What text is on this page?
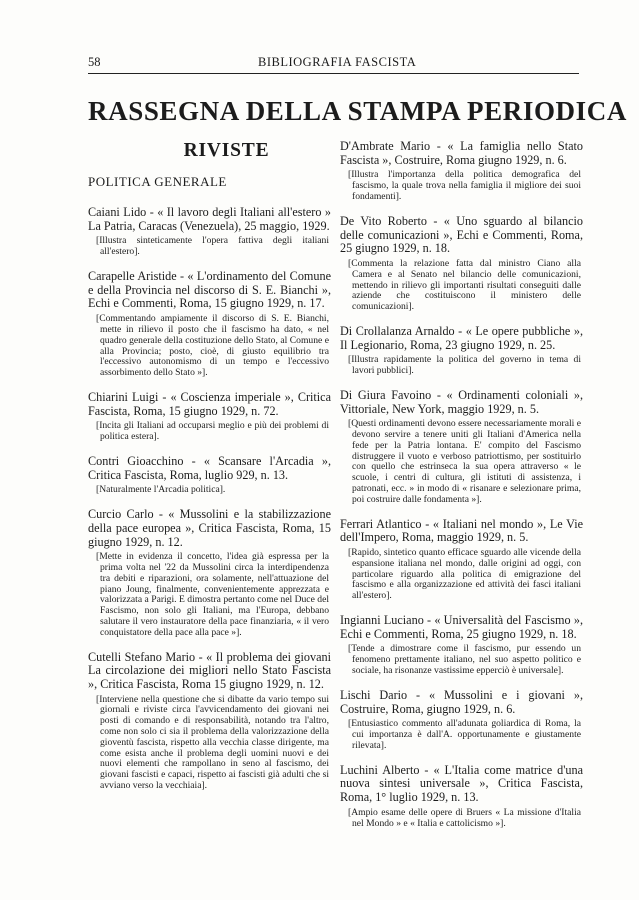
58	BIBLIOGRAFIA FASCISTA
RASSEGNA DELLA STAMPA PERIODICA
RIVISTE
POLITICA GENERALE
Caiani Lido - « Il lavoro degli Italiani all'estero » La Patria, Caracas (Venezuela), 25 maggio, 1929.
[Illustra sinteticamente l'opera fattiva degli italiani all'estero].
Carapelle Aristide - « L'ordinamento del Comune e della Provincia nel discorso di S. E. Bianchi », Echi e Commenti, Roma, 15 giugno 1929, n. 17.
[Commentando ampiamente il discorso di S. E. Bianchi, mette in rilievo il posto che il fascismo ha dato, « nel quadro generale della costituzione dello Stato, al Comune e alla Provincia; posto, cioè, di giusto equilibrio tra l'eccessivo autonomismo di un tempo e l'eccessivo assorbimento dello Stato »].
Chiarini Luigi - « Coscienza imperiale », Critica Fascista, Roma, 15 giugno 1929, n. 72.
[Incita gli Italiani ad occuparsi meglio e più dei problemi di politica estera].
Contri Gioacchino - « Scansare l'Arcadia », Critica Fascista, Roma, luglio 929, n. 13.
[Naturalmente l'Arcadia politica].
Curcio Carlo - « Mussolini e la stabilizzazione della pace europea », Critica Fascista, Roma, 15 giugno 1929, n. 12.
[Mette in evidenza il concetto, l'idea già espressa per la prima volta nel '22 da Mussolini circa la interdipendenza tra debiti e riparazioni, ora solamente, nell'attuazione del piano Joung, finalmente, convenientemente apprezzata e valorizzata a Parigi. E dimostra pertanto come nel Duce del Fascismo, non solo gli Italiani, ma l'Europa, debbano salutare il vero instauratore della pace finanziaria, « il vero conquistatore della pace alla pace »].
Cutelli Stefano Mario - « Il problema dei giovani La circolazione dei migliori nello Stato Fascista », Critica Fascista, Roma 15 giugno 1929, n. 12.
[Interviene nella questione che si dibatte da vario tempo sui giornali e riviste circa l'avvicendamento dei giovani nei posti di comando e di responsabilità, notando tra l'altro, come non solo ci sia il problema della valorizzazione della gioventù fascista, rispetto alla vecchia classe dirigente, ma come esista anche il problema degli uomini nuovi e dei nuovi elementi che rampollano in seno al fascismo, dei giovani fascisti e capaci, rispetto ai fascisti già adulti che si avviano verso la vecchiaia].
D'Ambrate Mario - « La famiglia nello Stato Fascista », Costruire, Roma giugno 1929, n. 6.
[Illustra l'importanza della politica demografica del fascismo, la quale trova nella famiglia il migliore dei suoi fondamenti].
De Vito Roberto - « Uno sguardo al bilancio delle comunicazioni », Echi e Commenti, Roma, 25 giugno 1929, n. 18.
[Commenta la relazione fatta dal ministro Ciano alla Camera e al Senato nel bilancio delle comunicazioni, mettendo in rilievo gli importanti risultati conseguiti dalle aziende che costituiscono il ministero delle comunicazioni].
Di Crollalanza Arnaldo - « Le opere pubbliche », Il Legionario, Roma, 23 giugno 1929, n. 25.
[Illustra rapidamente la politica del governo in tema di lavori pubblici].
Di Giura Favoino - « Ordinamenti coloniali », Vittoriale, New York, maggio 1929, n. 5.
[Questi ordinamenti devono essere necessariamente morali e devono servire a tenere uniti gli Italiani d'America nella fede per la Patria lontana. E' compito del Fascismo distruggere il vuoto e verboso patriottismo, per sostituirlo con quello che estrinseca la sua opera attraverso « le scuole, i centri di cultura, gli istituti di assistenza, i patronati, ecc. » in modo di « risanare e selezionare prima, poi costruire dalle fondamenta »].
Ferrari Atlantico - « Italiani nel mondo », Le Vie dell'Impero, Roma, maggio 1929, n. 5.
[Rapido, sintetico quanto efficace sguardo alle vicende della espansione italiana nel mondo, dalle origini ad oggi, con particolare riguardo alla politica di emigrazione del fascismo e alla organizzazione ed attività dei fasci italiani all'estero].
Ingianni Luciano - « Universalità del Fascismo », Echi e Commenti, Roma, 25 giugno 1929, n. 18.
[Tende a dimostrare come il fascismo, pur essendo un fenomeno prettamente italiano, nel suo aspetto politico e sociale, ha risonanze vastissime epperciò è universale].
Lischi Dario - « Mussolini e i giovani », Costruire, Roma, giugno 1929, n. 6.
[Entusiastico commento all'adunata goliardica di Roma, la cui importanza è dall'A. opportunamente e giustamente rilevata].
Luchini Alberto - « L'Italia come matrice d'una nuova sintesi universale », Critica Fascista, Roma, 1° luglio 1929, n. 13.
[Ampio esame delle opere di Bruers « La missione d'Italia nel Mondo » e « Italia e cattolicismo »].
